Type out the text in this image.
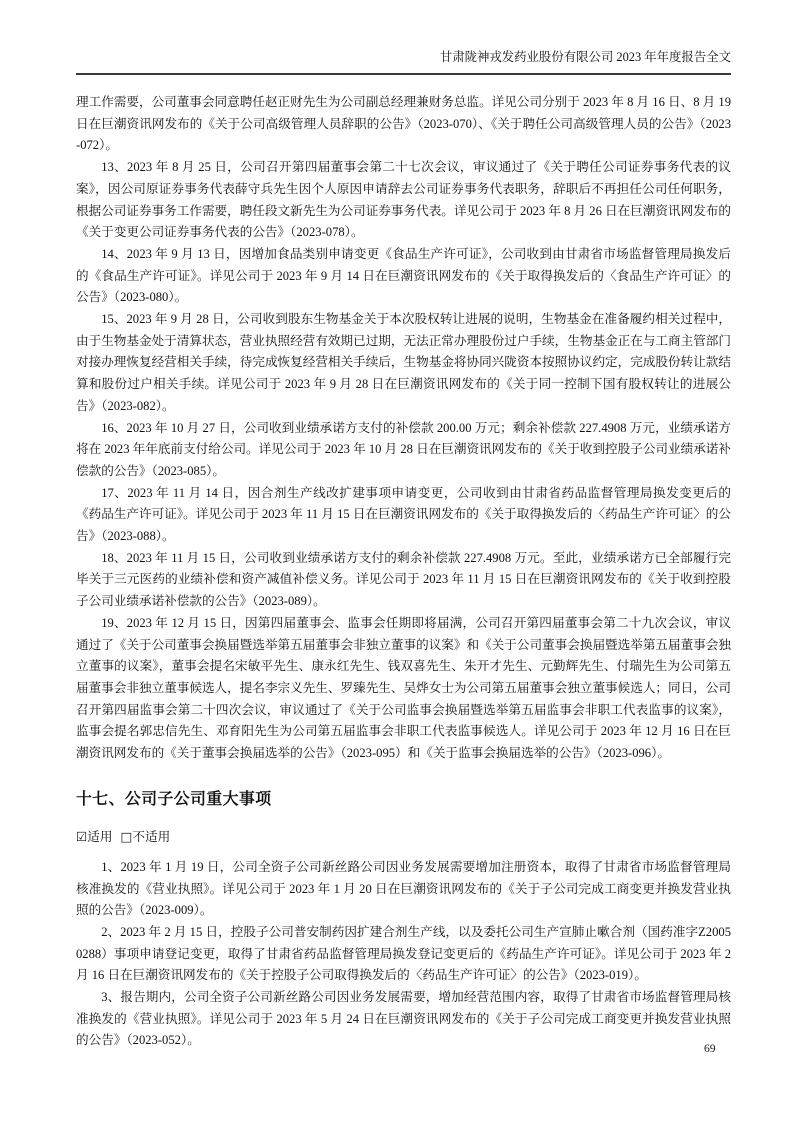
甘肃陇神戎发药业股份有限公司 2023 年年度报告全文

理工作需要，公司董事会同意聘任赵正财先生为公司副总经理兼财务总监。详见公司分别于 2023 年 8 月 16 日、8 月 19 日在巨潮资讯网发布的《关于公司高级管理人员辞职的公告》（2023-070）、《关于聘任公司高级管理人员的公告》（2023-072）。

13、2023 年 8 月 25 日，公司召开第四届董事会第二十七次会议，审议通过了《关于聘任公司证券事务代表的议案》，因公司原证券事务代表薛守兵先生因个人原因申请辞去公司证券事务代表职务，辞职后不再担任公司任何职务，根据公司证券事务工作需要，聘任段文新先生为公司证券事务代表。详见公司于 2023 年 8 月 26 日在巨潮资讯网发布的《关于变更公司证券事务代表的公告》（2023-078）。

14、2023 年 9 月 13 日，因增加食品类别申请变更《食品生产许可证》，公司收到由甘肃省市场监督管理局换发后的《食品生产许可证》。详见公司于 2023 年 9 月 14 日在巨潮资讯网发布的《关于取得换发后的〈食品生产许可证〉的公告》（2023-080）。

15、2023 年 9 月 28 日，公司收到股东生物基金关于本次股权转让进展的说明，生物基金在准备履约相关过程中，由于生物基金处于清算状态，营业执照经营有效期已过期，无法正常办理股份过户手续，生物基金正在与工商主管部门对接办理恢复经营相关手续，待完成恢复经营相关手续后，生物基金将协同兴陇资本按照协议约定，完成股份转让款结算和股份过户相关手续。详见公司于 2023 年 9 月 28 日在巨潮资讯网发布的《关于同一控制下国有股权转让的进展公告》（2023-082）。

16、2023 年 10 月 27 日，公司收到业绩承诺方支付的补偿款 200.00 万元；剩余补偿款 227.4908 万元，业绩承诺方将在 2023 年年底前支付给公司。详见公司于 2023 年 10 月 28 日在巨潮资讯网发布的《关于收到控股子公司业绩承诺补偿款的公告》（2023-085）。

17、2023 年 11 月 14 日，因合剂生产线改扩建事项申请变更，公司收到由甘肃省药品监督管理局换发变更后的《药品生产许可证》。详见公司于 2023 年 11 月 15 日在巨潮资讯网发布的《关于取得换发后的〈药品生产许可证〉的公告》（2023-088）。

18、2023 年 11 月 15 日，公司收到业绩承诺方支付的剩余补偿款 227.4908 万元。至此，业绩承诺方已全部履行完毕关于三元医药的业绩补偿和资产减值补偿义务。详见公司于 2023 年 11 月 15 日在巨潮资讯网发布的《关于收到控股子公司业绩承诺补偿款的公告》（2023-089）。

19、2023 年 12 月 15 日，因第四届董事会、监事会任期即将届满，公司召开第四届董事会第二十九次会议，审议通过了《关于公司董事会换届暨选举第五届董事会非独立董事的议案》和《关于公司董事会换届暨选举第五届董事会独立董事的议案》，董事会提名宋敏平先生、康永红先生、钱双喜先生、朱开才先生、元勤辉先生、付瑞先生为公司第五届董事会非独立董事候选人，提名李宗义先生、罗臻先生、吴烨女士为公司第五届董事会独立董事候选人；同日，公司召开第四届监事会第二十四次会议，审议通过了《关于公司监事会换届暨选举第五届监事会非职工代表监事的议案》，监事会提名郭忠信先生、邓育阳先生为公司第五届监事会非职工代表监事候选人。详见公司于 2023 年 12 月 16 日在巨潮资讯网发布的《关于董事会换届选举的公告》（2023-095）和《关于监事会换届选举的公告》（2023-096）。

十七、公司子公司重大事项
☑适用 □不适用

1、2023 年 1 月 19 日，公司全资子公司新丝路公司因业务发展需要增加注册资本，取得了甘肃省市场监督管理局核准换发的《营业执照》。详见公司于 2023 年 1 月 20 日在巨潮资讯网发布的《关于子公司完成工商变更并换发营业执照的公告》（2023-009）。

2、2023 年 2 月 15 日，控股子公司普安制药因扩建合剂生产线，以及委托公司生产宣肺止嗽合剂（国药准字Z20050288）事项申请登记变更，取得了甘肃省药品监督管理局换发登记变更后的《药品生产许可证》。详见公司于 2023 年 2 月 16 日在巨潮资讯网发布的《关于控股子公司取得换发后的〈药品生产许可证〉的公告》（2023-019）。

3、报告期内，公司全资子公司新丝路公司因业务发展需要，增加经营范围内容，取得了甘肃省市场监督管理局核准换发的《营业执照》。详见公司于 2023 年 5 月 24 日在巨潮资讯网发布的《关于子公司完成工商变更并换发营业执照的公告》（2023-052）。

69
